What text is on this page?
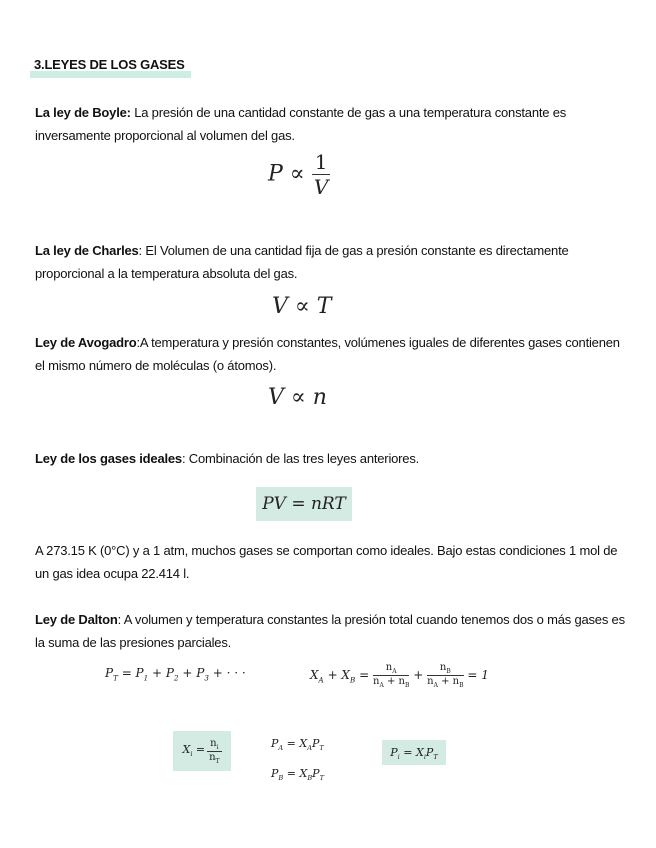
3.LEYES DE LOS GASES
La ley de Boyle: La presión de una cantidad constante de gas a una temperatura constante es inversamente proporcional al volumen del gas.
$P \propto \frac{1}{V}$
La ley de Charles: El Volumen de una cantidad fija de gas a presión constante es directamente proporcional a la temperatura absoluta del gas.
V ∝ T
Ley de Avogadro:A temperatura y presión constantes, volúmenes iguales de diferentes gases contienen el mismo número de moléculas (o átomos).
V ∝ n
Ley de los gases ideales: Combinación de las tres leyes anteriores.
PV = nRT
A 273.15 K (0°C) y a 1 atm, muchos gases se comportan como ideales. Bajo estas condiciones 1 mol de un gas idea ocupa 22.414 l.
Ley de Dalton: A volumen y temperatura constantes la presión total cuando tenemos dos o más gases es la suma de las presiones parciales.
$P_T = P_1 + P_2 + P_3$ + · · ·	$X_A + X_B = \frac{n_A}{n_A + n_B} + \frac{n_B}{n_A + n_B} = 1$
$X_i = \frac{n_i}{n_T}$	$P_A = X_AP_T$
$P_B = X_BP_T$
$P_i = X_iP_T$
